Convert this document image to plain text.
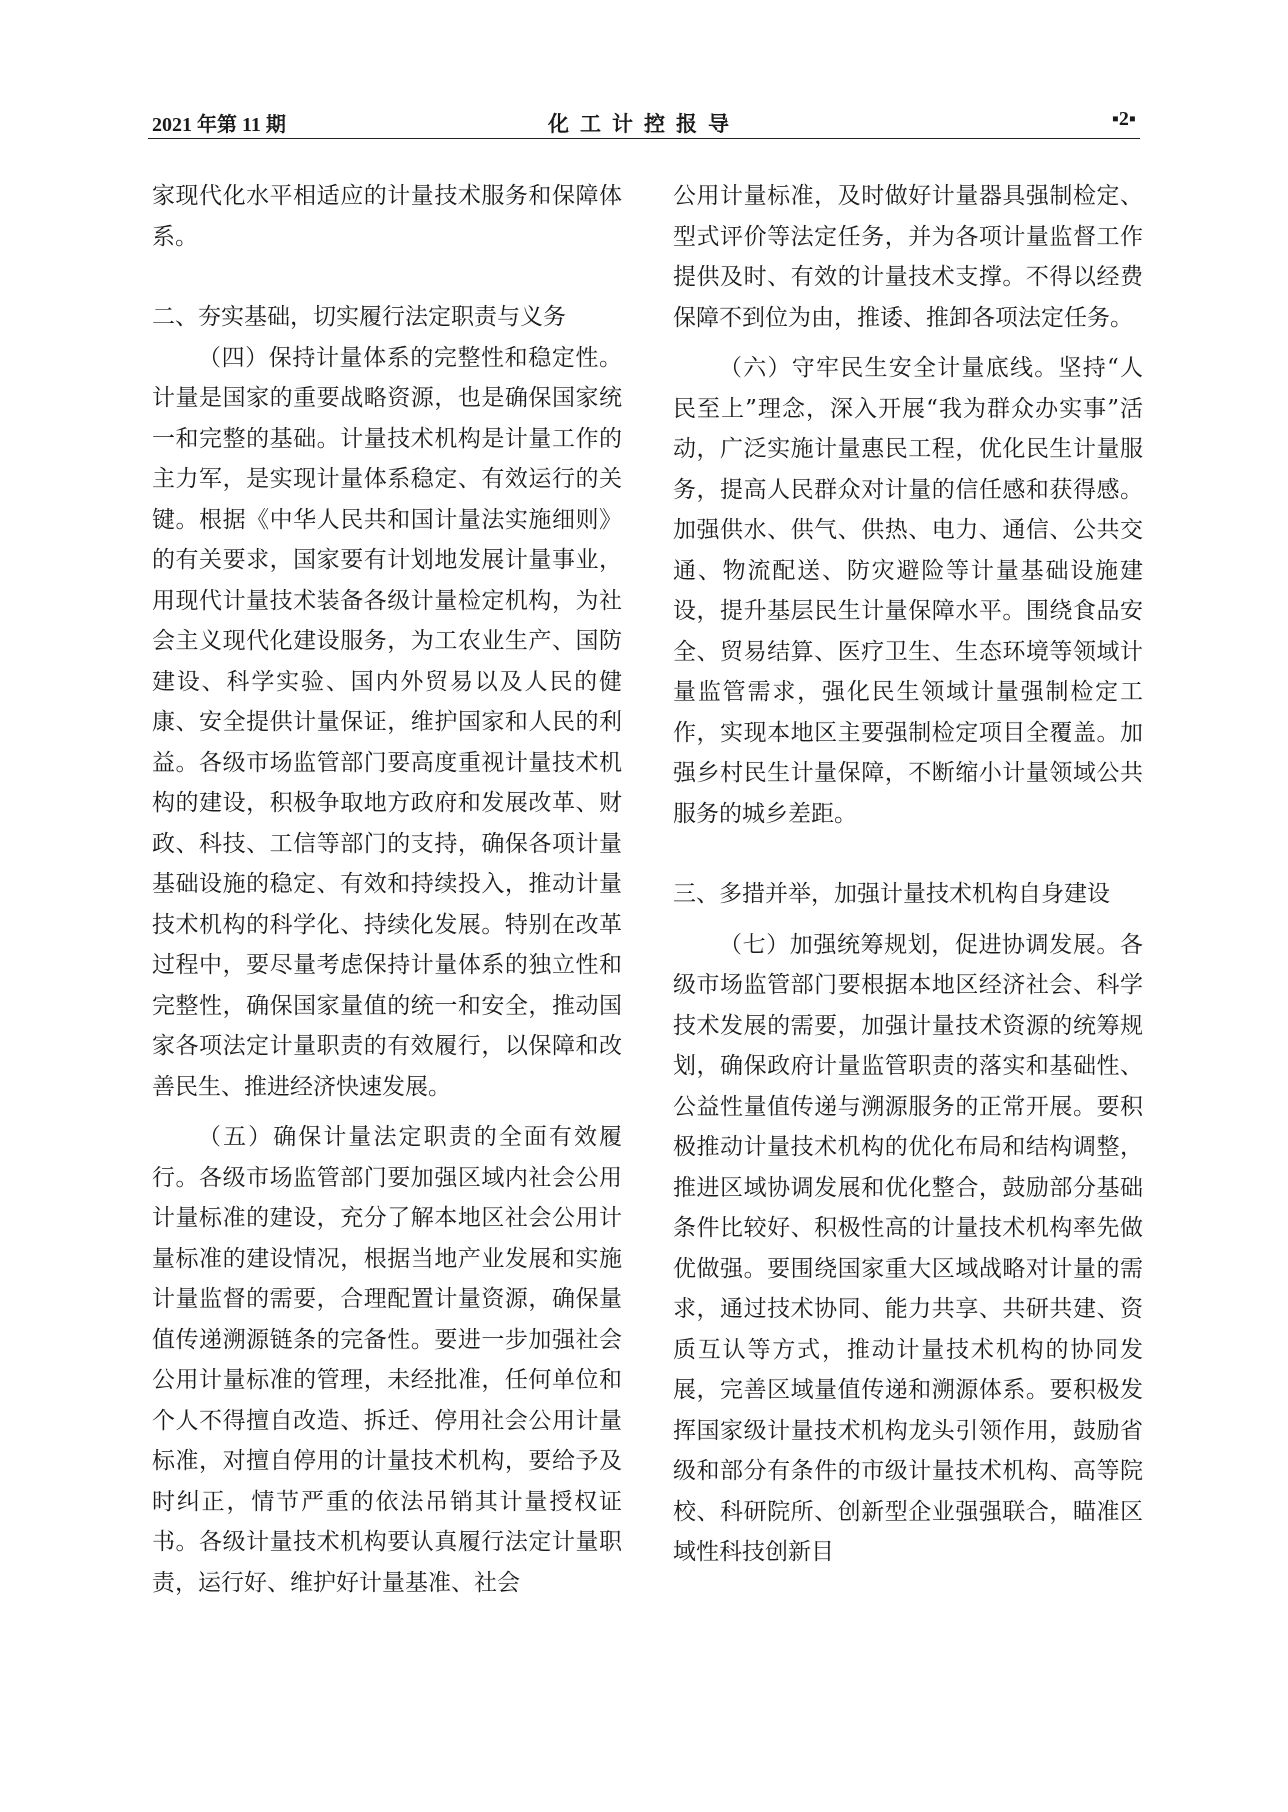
2021 年第 11 期	化工计控报导	▪2▪

家现代化水平相适应的计量技术服务和保障体系。

二、夯实基础，切实履行法定职责与义务

（四）保持计量体系的完整性和稳定性。计量是国家的重要战略资源，也是确保国家统一和完整的基础。计量技术机构是计量工作的主力军，是实现计量体系稳定、有效运行的关键。根据《中华人民共和国计量法实施细则》的有关要求，国家要有计划地发展计量事业，用现代计量技术装备各级计量检定机构，为社会主义现代化建设服务，为工农业生产、国防建设、科学实验、国内外贸易以及人民的健康、安全提供计量保证，维护国家和人民的利益。各级市场监管部门要高度重视计量技术机构的建设，积极争取地方政府和发展改革、财政、科技、工信等部门的支持，确保各项计量基础设施的稳定、有效和持续投入，推动计量技术机构的科学化、持续化发展。特别在改革过程中，要尽量考虑保持计量体系的独立性和完整性，确保国家量值的统一和安全，推动国家各项法定计量职责的有效履行，以保障和改善民生、推进经济快速发展。

（五）确保计量法定职责的全面有效履行。各级市场监管部门要加强区域内社会公用计量标准的建设，充分了解本地区社会公用计量标准的建设情况，根据当地产业发展和实施计量监督的需要，合理配置计量资源，确保量值传递溯源链条的完备性。要进一步加强社会公用计量标准的管理，未经批准，任何单位和个人不得擅自改造、拆迁、停用社会公用计量标准，对擅自停用的计量技术机构，要给予及时纠正，情节严重的依法吊销其计量授权证书。各级计量技术机构要认真履行法定计量职责，运行好、维护好计量基准、社会

公用计量标准，及时做好计量器具强制检定、型式评价等法定任务，并为各项计量监督工作提供及时、有效的计量技术支撑。不得以经费保障不到位为由，推诿、推卸各项法定任务。

（六）守牢民生安全计量底线。坚持“人民至上”理念，深入开展“我为群众办实事”活动，广泛实施计量惠民工程，优化民生计量服务，提高人民群众对计量的信任感和获得感。加强供水、供气、供热、电力、通信、公共交通、物流配送、防灾避险等计量基础设施建设，提升基层民生计量保障水平。围绕食品安全、贸易结算、医疗卫生、生态环境等领域计量监管需求，强化民生领域计量强制检定工作，实现本地区主要强制检定项目全覆盖。加强乡村民生计量保障，不断缩小计量领域公共服务的城乡差距。

三、多措并举，加强计量技术机构自身建设

（七）加强统筹规划，促进协调发展。各级市场监管部门要根据本地区经济社会、科学技术发展的需要，加强计量技术资源的统筹规划，确保政府计量监管职责的落实和基础性、公益性量值传递与溯源服务的正常开展。要积极推动计量技术机构的优化布局和结构调整，推进区域协调发展和优化整合，鼓励部分基础条件比较好、积极性高的计量技术机构率先做优做强。要围绕国家重大区域战略对计量的需求，通过技术协同、能力共享、共研共建、资质互认等方式，推动计量技术机构的协同发展，完善区域量值传递和溯源体系。要积极发挥国家级计量技术机构龙头引领作用，鼓励省级和部分有条件的市级计量技术机构、高等院校、科研院所、创新型企业强强联合，瞄准区域性科技创新目
